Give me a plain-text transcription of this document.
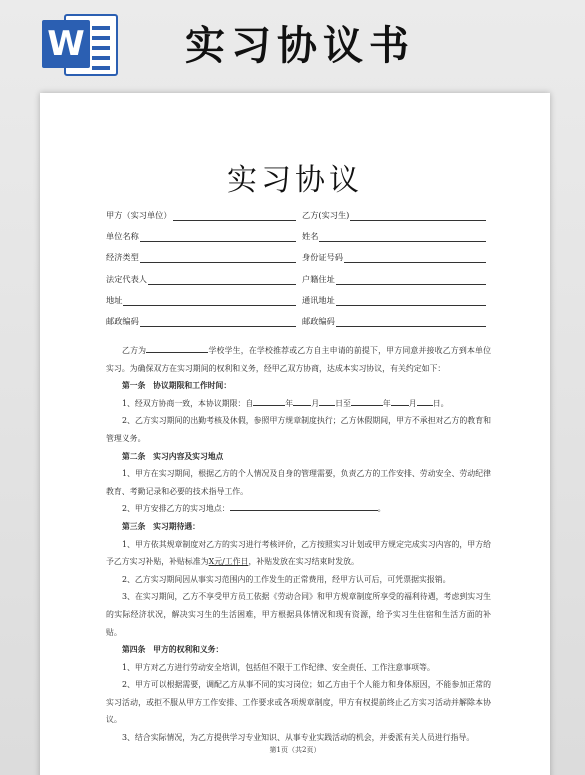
W	实习协议书
实习协议
甲方（实习单位）	乙方(实习生)
单位名称	姓名
经济类型	身份证号码
法定代表人	户籍住址
地址	通讯地址
邮政编码	邮政编码
乙方为	学校学生，在学校推荐或乙方自主申请的前提下，甲方同意并接收乙方到本单位实习。为确保双方在实习期间的权利和义务，经甲乙双方协商，达成本实习协议，有关约定如下：
第一条　协议期限和工作时间：
1、经双方协商一致，本协议期限：自	年 月 日至	年 月 日。
2、乙方实习期间的出勤考核及休假，参照甲方规章制度执行；乙方休假期间，甲方不承担对乙方的教育和管理义务。
第二条　实习内容及实习地点
1、甲方在实习期间，根据乙方的个人情况及自身的管理需要，负责乙方的工作安排、劳动安全、劳动纪律教育、考勤记录和必要的技术指导工作。
2、甲方安排乙方的实习地点：	。
第三条　实习期待遇：
1、甲方依其规章制度对乙方的实习进行考核评价，乙方按照实习计划或甲方规定完成实习内容的，甲方给予乙方实习补贴，补贴标准为X元/工作日，补贴发放在实习结束时发放。
2、乙方实习期间因从事实习范围内的工作发生的正常费用，经甲方认可后，可凭票据实报销。
3、在实习期间，乙方不享受甲方员工依据《劳动合同》和甲方规章制度所享受的福利待遇，考虑到实习生的实际经济状况，解决实习生的生活困难，甲方根据具体情况和现有资源，给予实习生住宿和生活方面的补贴。
第四条　甲方的权利和义务：
1、甲方对乙方进行劳动安全培训，包括但不限于工作纪律、安全责任、工作注意事项等。
2、甲方可以根据需要，调配乙方从事不同的实习岗位；如乙方由于个人能力和身体原因，不能参加正常的实习活动，或拒不服从甲方工作安排、工作要求或各项规章制度，甲方有权提前终止乙方实习活动并解除本协议。
3、结合实际情况，为乙方提供学习专业知识、从事专业实践活动的机会，并委派有关人员进行指导。
第1页（共2页）
